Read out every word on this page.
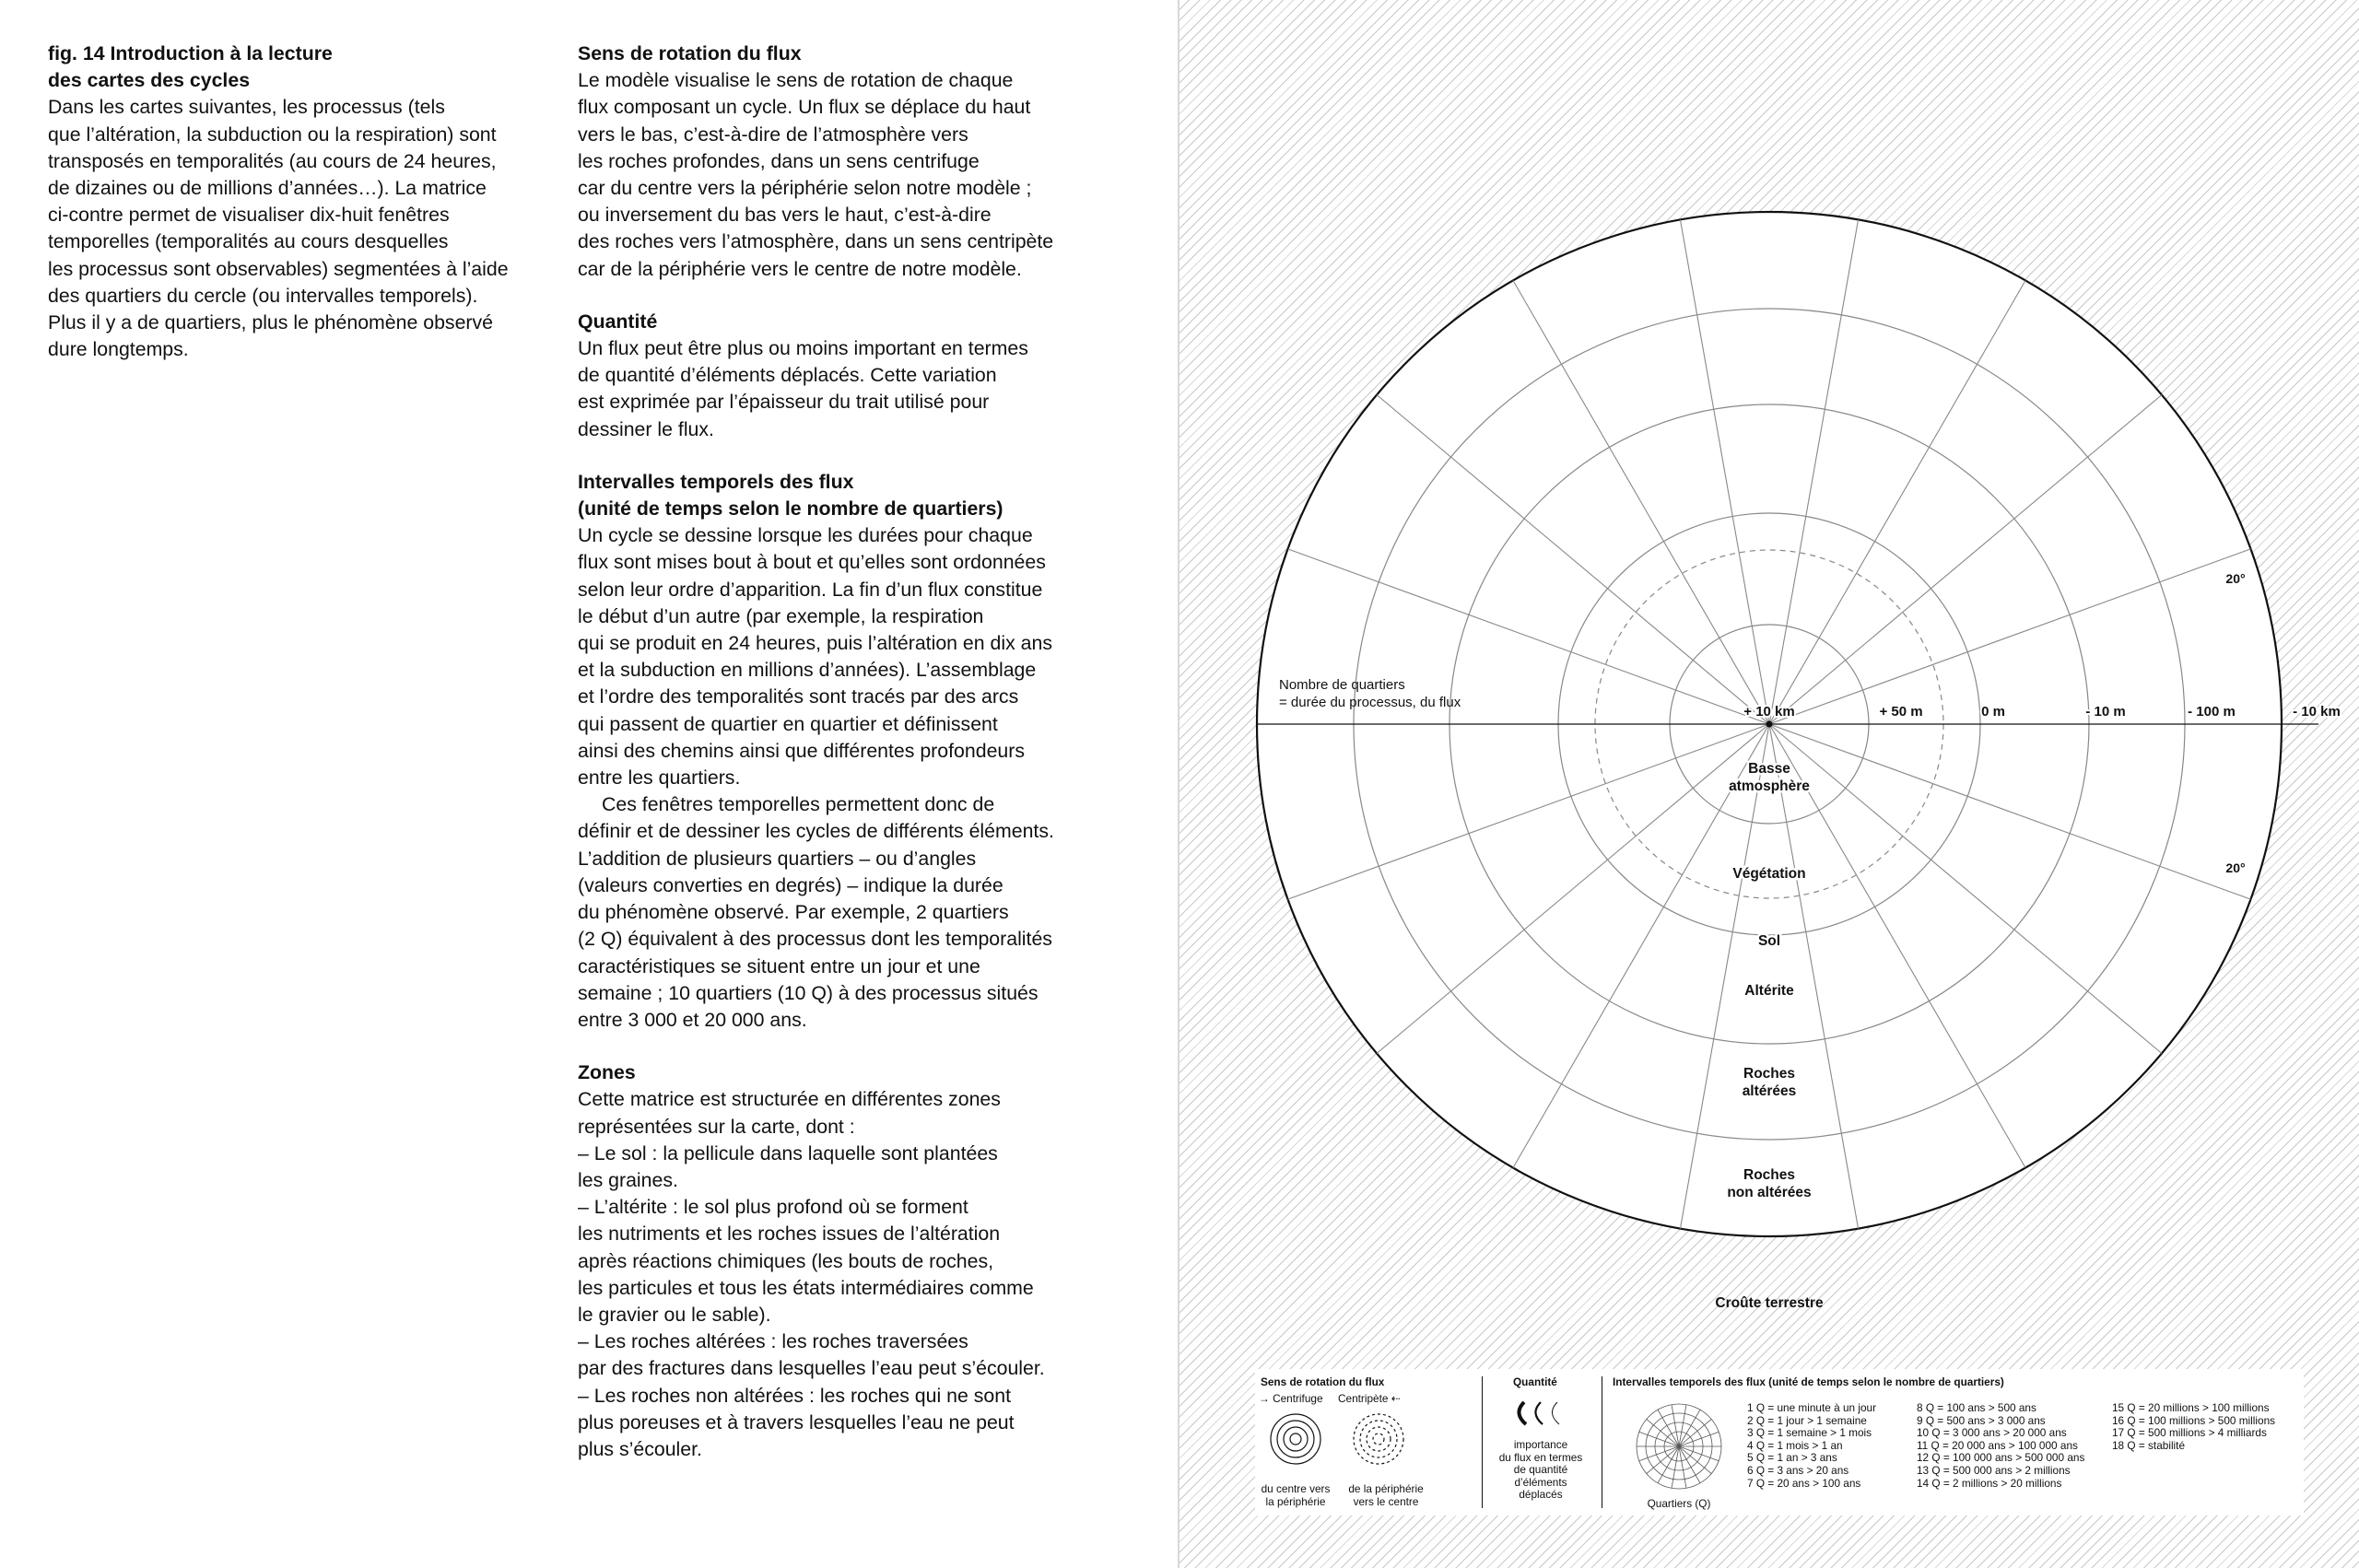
fig. 14 Introduction à la lecture

des cartes des cycles

Dans les cartes suivantes, les processus (tels

que l’altération, la subduction ou la respiration) sont

transposés en temporalités (au cours de 24 heures,

de dizaines ou de millions d’années…). La matrice

ci-contre permet de visualiser dix-huit fenêtres

temporelles (temporalités au cours desquelles

les processus sont observables) segmentées à l’aide

des quartiers du cercle (ou intervalles temporels).

Plus il y a de quartiers, plus le phénomène observé

dure longtemps.

Sens de rotation du flux

Le modèle visualise le sens de rotation de chaque

flux composant un cycle. Un flux se déplace du haut

vers le bas, c’est-à-dire de l’atmosphère vers

les roches profondes, dans un sens centrifuge

car du centre vers la périphérie selon notre modèle ;

ou inversement du bas vers le haut, c’est-à-dire

des roches vers l’atmosphère, dans un sens centripète

car de la périphérie vers le centre de notre modèle.

Quantité

Un flux peut être plus ou moins important en termes

de quantité d’éléments déplacés. Cette variation

est exprimée par l’épaisseur du trait utilisé pour

dessiner le flux.

Intervalles temporels des flux

(unité de temps selon le nombre de quartiers)

Un cycle se dessine lorsque les durées pour chaque

flux sont mises bout à bout et qu’elles sont ordonnées

selon leur ordre d’apparition. La fin d’un flux constitue

le début d’un autre (par exemple, la respiration

qui se produit en 24 heures, puis l’altération en dix ans

et la subduction en millions d’années). L’assemblage

et l’ordre des temporalités sont tracés par des arcs

qui passent de quartier en quartier et définissent

ainsi des chemins ainsi que différentes profondeurs

entre les quartiers.

Ces fenêtres temporelles permettent donc de

définir et de dessiner les cycles de différents éléments.

L’addition de plusieurs quartiers – ou d’angles

(valeurs converties en degrés) – indique la durée

du phénomène observé. Par exemple, 2 quartiers

(2 Q) équivalent à des processus dont les temporalités

caractéristiques se situent entre un jour et une

semaine ; 10 quartiers (10 Q) à des processus situés

entre 3 000 et 20 000 ans.

Zones

Cette matrice est structurée en différentes zones

représentées sur la carte, dont :

– Le sol : la pellicule dans laquelle sont plantées

les graines.

– L’altérite : le sol plus profond où se forment

les nutriments et les roches issues de l’altération

après réactions chimiques (les bouts de roches,

les particules et tous les états intermédiaires comme

le gravier ou le sable).

– Les roches altérées : les roches traversées

par des fractures dans lesquelles l’eau peut s’écouler.

– Les roches non altérées : les roches qui ne sont

plus poreuses et à travers lesquelles l’eau ne peut

plus s’écouler.

+ 10 km	+ 50 m	0 m	- 10 m	- 100 m	- 10 km
Nombre de quartiers
= durée du processus, du flux
20°
20°
Basse
atmosphère
Végétation
Sol
Altérite
Roches
altérées
Roches
non altérées
Croûte terrestre
Sens de rotation du flux
→ Centrifuge	Centripète ⇠
du centre vers
la périphérie
de la périphérie
vers le centre
Quantité
importance
du flux en termes
de quantité
d’éléments
déplacés
Intervalles temporels des flux (unité de temps selon le nombre de quartiers)
Quartiers (Q)
1 Q = une minute à un jour
2 Q = 1 jour > 1 semaine
3 Q = 1 semaine > 1 mois
4 Q = 1 mois > 1 an
5 Q = 1 an > 3 ans
6 Q = 3 ans > 20 ans
7 Q = 20 ans > 100 ans
8 Q = 100 ans > 500 ans
9 Q = 500 ans > 3 000 ans
10 Q = 3 000 ans > 20 000 ans
11 Q = 20 000 ans > 100 000 ans
12 Q = 100 000 ans > 500 000 ans
13 Q = 500 000 ans > 2 millions
14 Q = 2 millions > 20 millions
15 Q = 20 millions > 100 millions
16 Q = 100 millions > 500 millions
17 Q = 500 millions > 4 milliards
18 Q = stabilité
